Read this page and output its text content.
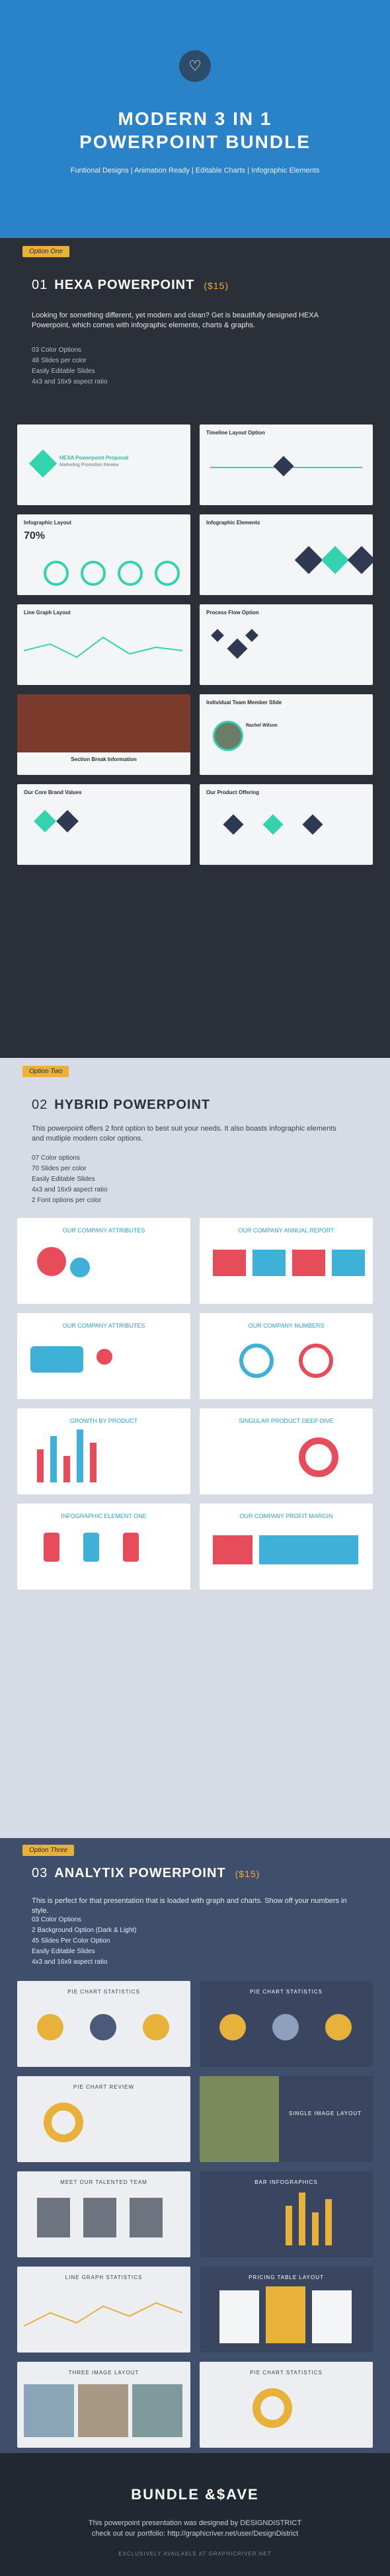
♡
MODERN 3 IN 1
POWERPOINT BUNDLE
Funtional Designs | Animation Ready | Editable Charts | Infographic Elements
Option One
01 HEXA POWERPOINT ($15)
Looking for something different, yet modern and clean? Get is beautifully designed HEXA Powerpoint, which comes with infographic elements, charts & graphs.
03 Color Options
48 Slides per color
Easily Editable Slides
4x3 and 16x9 aspect ratio
HEXA Powerpoint Proposal
Marketing Promotion Review
Timeline Layout Option
Infographic Layout
70%
Infographic Elements
Line Graph Layout	Process Flow Option
Section Break Information
Individual Team Member Slide
Rachel Wilson
Our Core Brand Values	Our Product Offering
Option Two
02 HYBRID POWERPOINT
This powerpoint offers 2 font option to best suit your needs. It also boasts infographic elements and mutliple modern color options.
07 Color options
70 Slides per color
Easily Editable Slides
4x3 and 16x9 aspect ratio
2 Font options per color
OUR COMPANY ATTRIBUTES	OUR COMPANY ANNUAL REPORT
OUR COMPANY ATTRIBUTES	OUR COMPANY NUMBERS
GROWTH BY PRODUCT	SINGULAR PRODUCT DEEP DIVE
INFOGRAPHIC ELEMENT ONE	OUR COMPANY PROFIT MARGIN
Option Three
03 ANALYTIX POWERPOINT ($15)
This is perfect for that presentation that is loaded with graph and charts. Show off your numbers in style.
03 Color Options
2 Background Option (Dark & Light)
45 Slides Per Color Option
Easily Editable Slides
4x3 and 16x9 aspect ratio
PIE CHART STATISTICS	PIE CHART STATISTICS
PIE CHART REVIEW
SINGLE IMAGE LAYOUT
MEET OUR TALENTED TEAM	BAR INFOGRAPHICS
LINE GRAPH STATISTICS	PRICING TABLE LAYOUT
THREE IMAGE LAYOUT	PIE CHART STATISTICS
BUNDLE &$AVE
This powerpoint presentation was designed by DESIGNDISTRICT
check out our portfolio: http://graphicriver.net/user/DesignDistrict
EXCLUSIVELY AVAILABLE AT GRAPHICRIVER.NET
